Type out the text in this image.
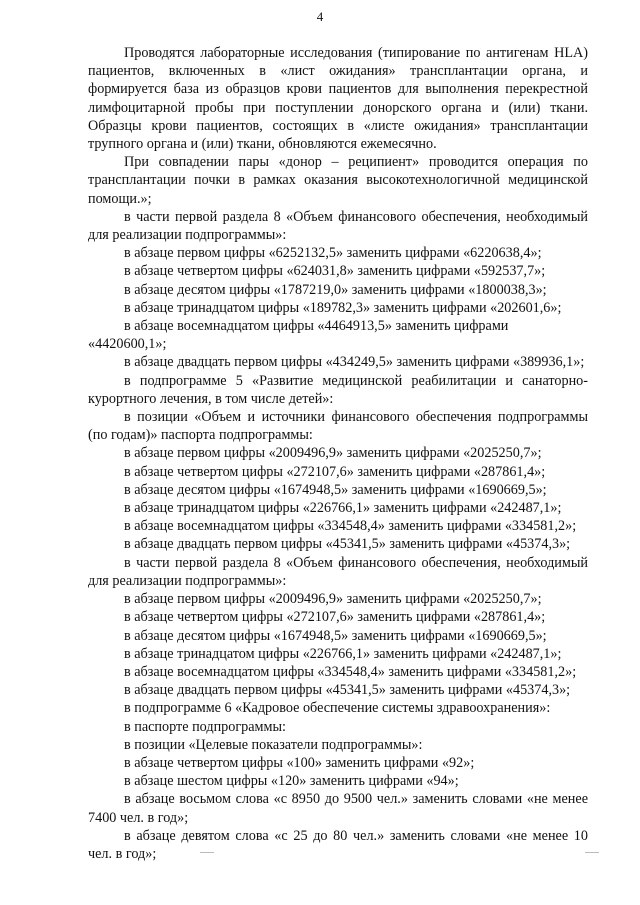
4

Проводятся лабораторные исследования (типирование по антигенам HLA) пациентов, включенных в «лист ожидания» трансплантации органа, и формируется база из образцов крови пациентов для выполнения перекрестной лимфоцитарной пробы при поступлении донорского органа и (или) ткани. Образцы крови пациентов, состоящих в «листе ожидания» трансплантации трупного органа и (или) ткани, обновляются ежемесячно.

При совпадении пары «донор – реципиент» проводится операция по трансплантации почки в рамках оказания высокотехнологичной медицинской помощи.»;

в части первой раздела 8 «Объем финансового обеспечения, необходимый для реализации подпрограммы»:

в абзаце первом цифры «6252132,5» заменить цифрами «6220638,4»;

в абзаце четвертом цифры «624031,8» заменить цифрами «592537,7»;

в абзаце десятом цифры «1787219,0» заменить цифрами «1800038,3»;

в абзаце тринадцатом цифры «189782,3» заменить цифрами «202601,6»;

в абзаце восемнадцатом цифры «4464913,5» заменить цифрами «4420600,1»;

в абзаце двадцать первом цифры «434249,5» заменить цифрами «389936,1»;

в подпрограмме 5 «Развитие медицинской реабилитации и санаторно-курортного лечения, в том числе детей»:

в позиции «Объем и источники финансового обеспечения подпрограммы (по годам)» паспорта подпрограммы:

в абзаце первом цифры «2009496,9» заменить цифрами «2025250,7»;

в абзаце четвертом цифры «272107,6» заменить цифрами «287861,4»;

в абзаце десятом цифры «1674948,5» заменить цифрами «1690669,5»;

в абзаце тринадцатом цифры «226766,1» заменить цифрами «242487,1»;

в абзаце восемнадцатом цифры «334548,4» заменить цифрами «334581,2»;

в абзаце двадцать первом цифры «45341,5» заменить цифрами «45374,3»;

в части первой раздела 8 «Объем финансового обеспечения, необходимый для реализации подпрограммы»:

в абзаце первом цифры «2009496,9» заменить цифрами «2025250,7»;

в абзаце четвертом цифры «272107,6» заменить цифрами «287861,4»;

в абзаце десятом цифры «1674948,5» заменить цифрами «1690669,5»;

в абзаце тринадцатом цифры «226766,1» заменить цифрами «242487,1»;

в абзаце восемнадцатом цифры «334548,4» заменить цифрами «334581,2»;

в абзаце двадцать первом цифры «45341,5» заменить цифрами «45374,3»;

в подпрограмме 6 «Кадровое обеспечение системы здравоохранения»:

в паспорте подпрограммы:

в позиции «Целевые показатели подпрограммы»:

в абзаце четвертом цифры «100» заменить цифрами «92»;

в абзаце шестом цифры «120» заменить цифрами «94»;

в абзаце восьмом слова «с 8950 до 9500 чел.» заменить словами «не менее 7400 чел. в год»;

в абзаце девятом слова «с 25 до 80 чел.» заменить словами «не менее 10 чел. в год»;
